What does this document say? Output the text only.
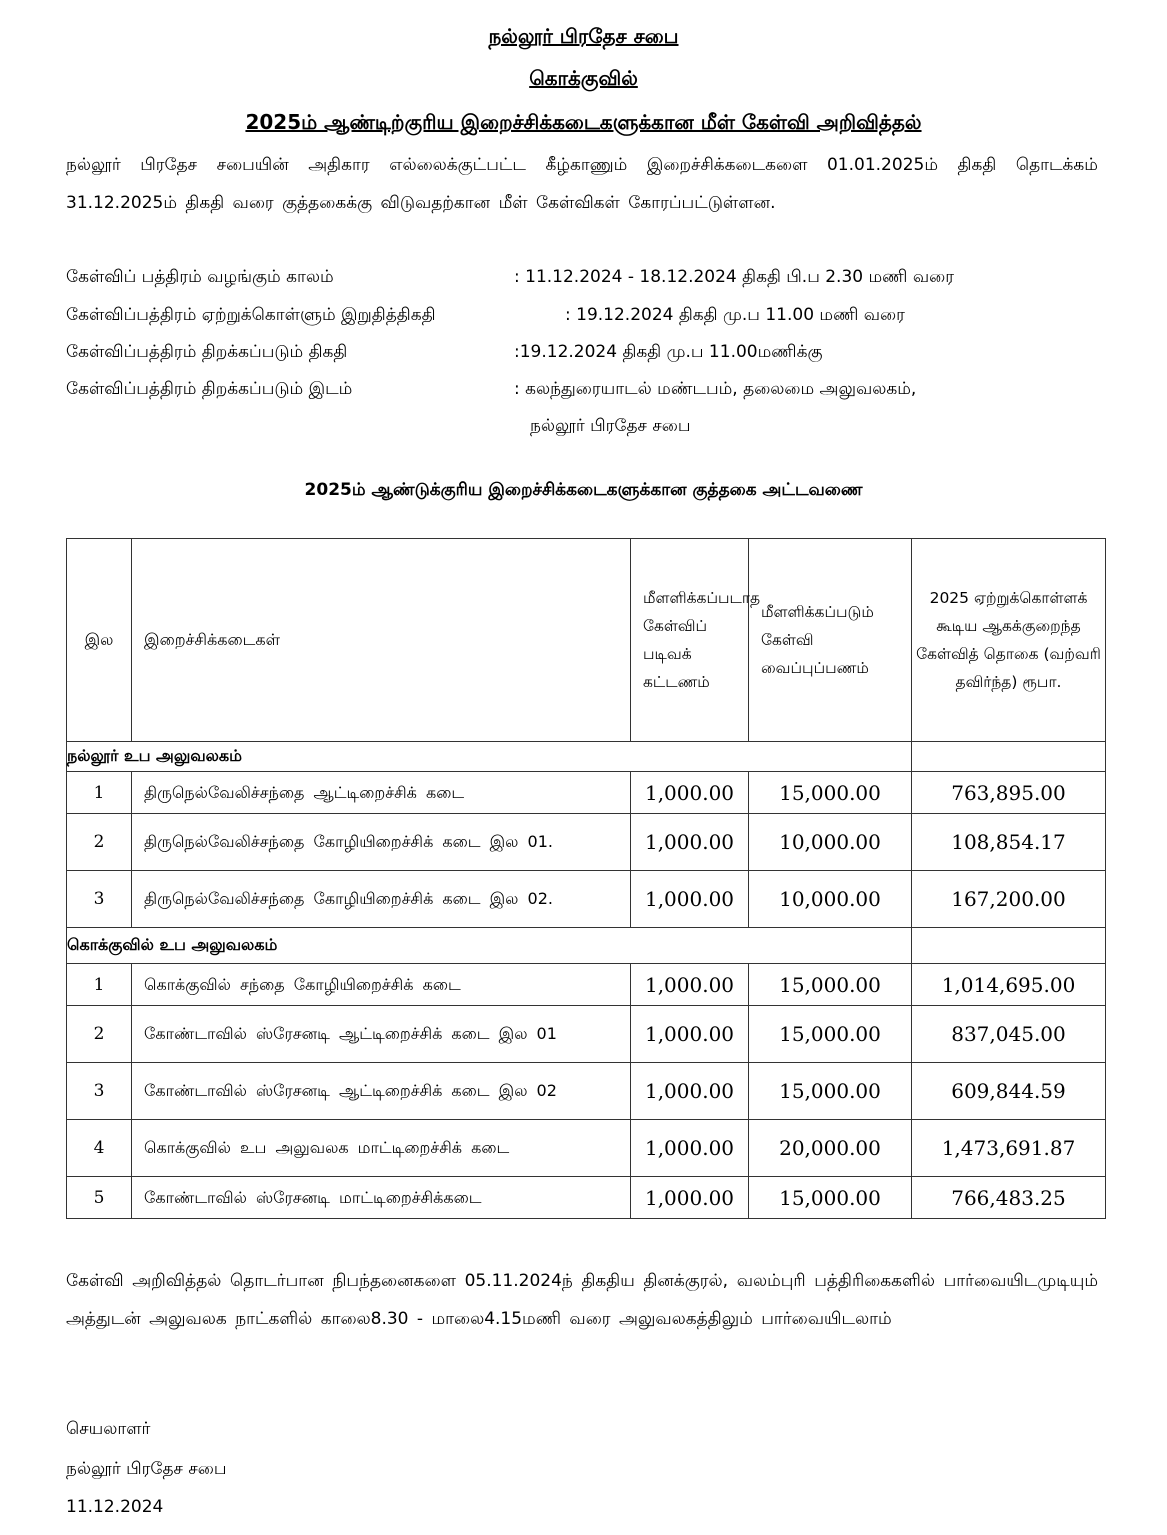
நல்லூர் பிரதேச சபை
கொக்குவில்
2025ம் ஆண்டிற்குரிய இறைச்சிக்கடைகளுக்கான மீள் கேள்வி அறிவித்தல்
நல்லூர் பிரதேச சபையின் அதிகார எல்லைக்குட்பட்ட கீழ்காணும் இறைச்சிக்கடைகளை 01.01.2025ம் திகதி தொடக்கம் 31.12.2025ம் திகதி வரை குத்தகைக்கு விடுவதற்கான மீள் கேள்விகள் கோரப்பட்டுள்ளன.
கேள்விப் பத்திரம் வழங்கும் காலம்	: 11.12.2024 - 18.12.2024 திகதி பி.ப 2.30 மணி வரை
கேள்விப்பத்திரம் ஏற்றுக்கொள்ளும் இறுதித்திகதி	: 19.12.2024 திகதி மு.ப 11.00 மணி வரை
கேள்விப்பத்திரம் திறக்கப்படும் திகதி	:19.12.2024 திகதி மு.ப 11.00மணிக்கு
கேள்விப்பத்திரம் திறக்கப்படும் இடம்	: கலந்துரையாடல் மண்டபம், தலைமை அலுவலகம்,
நல்லூர் பிரதேச சபை
2025ம் ஆண்டுக்குரிய இறைச்சிக்கடைகளுக்கான குத்தகை அட்டவணை
இல	இறைச்சிக்கடைகள்	மீளளிக்கப்படாத கேள்விப் படிவக் கட்டணம்	மீளளிக்கப்படும் கேள்வி வைப்புப்பணம்	2025 ஏற்றுக்கொள்ளக் கூடிய ஆகக்குறைந்த கேள்வித் தொகை (வற்வரி தவிர்ந்த) ரூபா.
நல்லூர் உப அலுவலகம்				
1	திருநெல்வேலிச்சந்தை ஆட்டிறைச்சிக் கடை	1,000.00	15,000.00	763,895.00
2	திருநெல்வேலிச்சந்தை கோழியிறைச்சிக் கடை இல 01.	1,000.00	10,000.00	108,854.17
3	திருநெல்வேலிச்சந்தை கோழியிறைச்சிக் கடை இல 02.	1,000.00	10,000.00	167,200.00
கொக்குவில் உப அலுவலகம்				
1	கொக்குவில் சந்தை கோழியிறைச்சிக் கடை	1,000.00	15,000.00	1,014,695.00
2	கோண்டாவில் ஸ்ரேசனடி ஆட்டிறைச்சிக் கடை இல 01	1,000.00	15,000.00	837,045.00
3	கோண்டாவில் ஸ்ரேசனடி ஆட்டிறைச்சிக் கடை இல 02	1,000.00	15,000.00	609,844.59
4	கொக்குவில் உப அலுவலக மாட்டிறைச்சிக் கடை	1,000.00	20,000.00	1,473,691.87
5	கோண்டாவில் ஸ்ரேசனடி மாட்டிறைச்சிக்கடை	1,000.00	15,000.00	766,483.25
கேள்வி அறிவித்தல் தொடர்பான நிபந்தனைகளை 05.11.2024ந் திகதிய தினக்குரல், வலம்புரி பத்திரிகைகளில் பார்வையிடமுடியும் அத்துடன் அலுவலக நாட்களில் காலை8.30 - மாலை4.15மணி வரை அலுவலகத்திலும் பார்வையிடலாம்
செயலாளர்
நல்லூர் பிரதேச சபை
11.12.2024
